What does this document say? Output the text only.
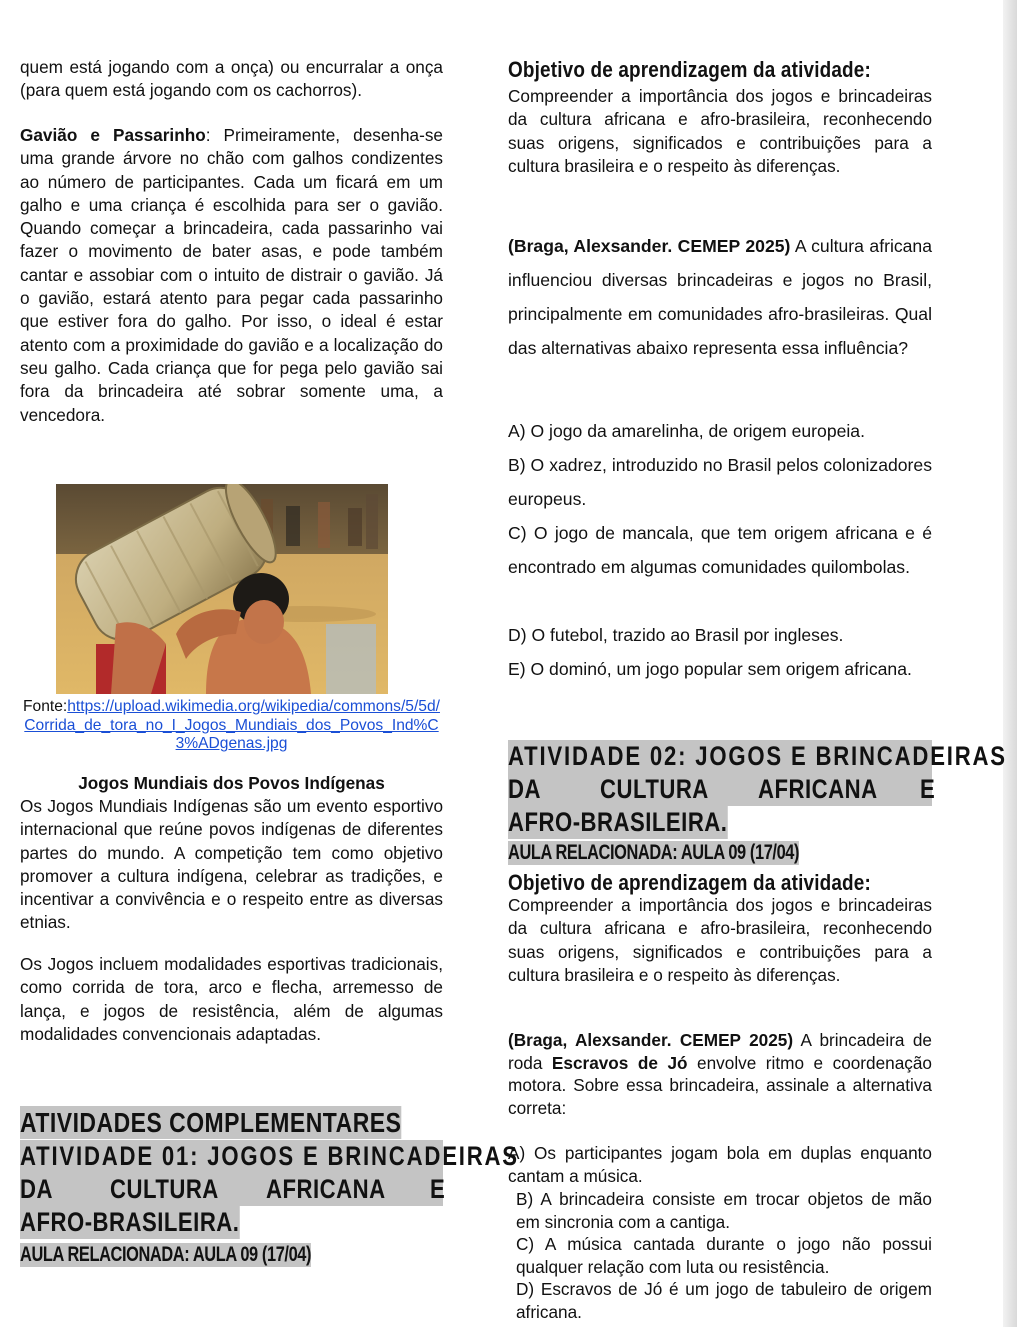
quem está jogando com a onça) ou encurralar a onça (para quem está jogando com os cachorros).

Gavião e Passarinho: Primeiramente, desenha-se uma grande árvore no chão com galhos condizentes ao número de participantes. Cada um ficará em um galho e uma criança é escolhida para ser o gavião. Quando começar a brincadeira, cada passarinho vai fazer o movimento de bater asas, e pode também cantar e assobiar com o intuito de distrair o gavião. Já o gavião, estará atento para pegar cada passarinho que estiver fora do galho. Por isso, o ideal é estar atento com a proximidade do gavião e a localização do seu galho. Cada criança que for pega pelo gavião sai fora da brincadeira até sobrar somente uma, a vencedora.

Fonte:https://upload.wikimedia.org/wikipedia/commons/5/5d/Corrida_de_tora_no_I_Jogos_Mundiais_dos_Povos_Ind%C3%ADgenas.jpg

Jogos Mundiais dos Povos Indígenas

Os Jogos Mundiais Indígenas são um evento esportivo internacional que reúne povos indígenas de diferentes partes do mundo. A competição tem como objetivo promover a cultura indígena, celebrar as tradições, e incentivar a convivência e o respeito entre as diversas etnias.

Os Jogos incluem modalidades esportivas tradicionais, como corrida de tora, arco e flecha, arremesso de lança, e jogos de resistência, além de algumas modalidades convencionais adaptadas.

ATIVIDADES COMPLEMENTARES
ATIVIDADE 01: JOGOS E BRINCADEIRAS
DA CULTURA AFRICANA E
AFRO-BRASILEIRA.
AULA RELACIONADA: AULA 09 (17/04)
Objetivo de aprendizagem da atividade:

Compreender a importância dos jogos e brincadeiras da cultura africana e afro-brasileira, reconhecendo suas origens, significados e contribuições para a cultura brasileira e o respeito às diferenças.

(Braga, Alexsander. CEMEP 2025) A cultura africana influenciou diversas brincadeiras e jogos no Brasil, principalmente em comunidades afro-brasileiras. Qual das alternativas abaixo representa essa influência?

A) O jogo da amarelinha, de origem europeia.

B) O xadrez, introduzido no Brasil pelos colonizadores europeus.

C) O jogo de mancala, que tem origem africana e é encontrado em algumas comunidades quilombolas.

D) O futebol, trazido ao Brasil por ingleses.

E) O dominó, um jogo popular sem origem africana.

ATIVIDADE 02: JOGOS E BRINCADEIRAS
DA CULTURA AFRICANA E
AFRO-BRASILEIRA.
AULA RELACIONADA: AULA 09 (17/04)
Objetivo de aprendizagem da atividade:

Compreender a importância dos jogos e brincadeiras da cultura africana e afro-brasileira, reconhecendo suas origens, significados e contribuições para a cultura brasileira e o respeito às diferenças.

(Braga, Alexsander. CEMEP 2025) A brincadeira de roda Escravos de Jó envolve ritmo e coordenação motora. Sobre essa brincadeira, assinale a alternativa correta:

A) Os participantes jogam bola em duplas enquanto cantam a música.

B) A brincadeira consiste em trocar objetos de mão em sincronia com a cantiga.

C) A música cantada durante o jogo não possui qualquer relação com luta ou resistência.

D) Escravos de Jó é um jogo de tabuleiro de origem africana.
